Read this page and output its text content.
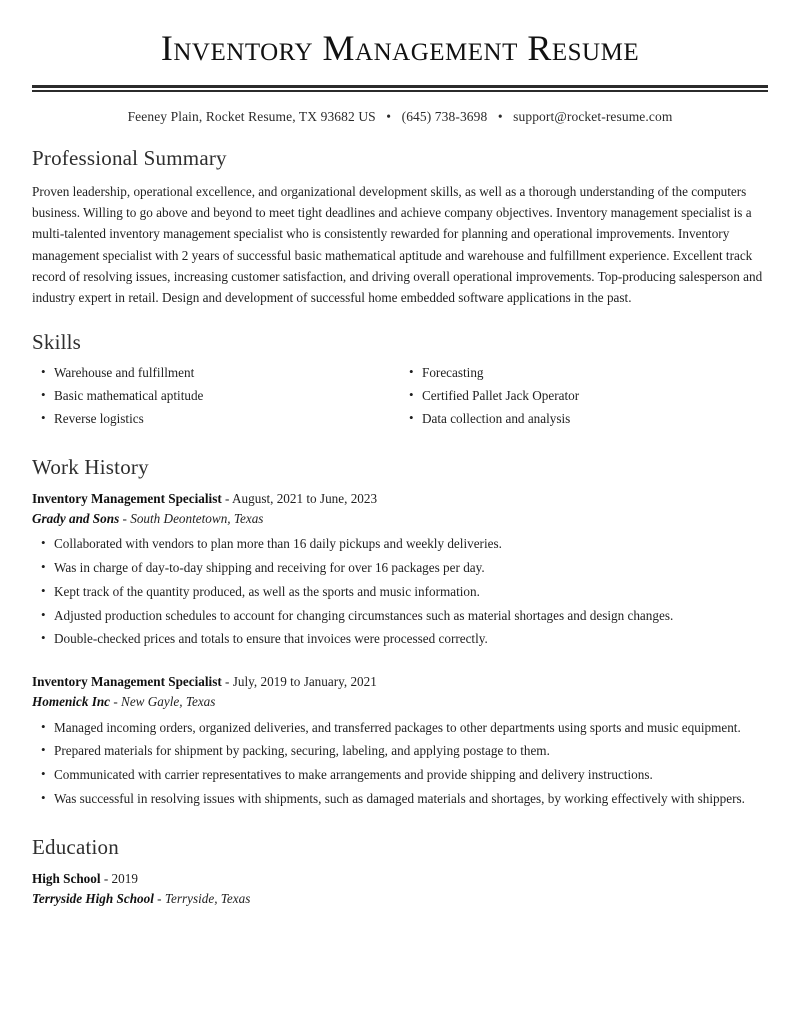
Inventory Management Resume
Feeney Plain, Rocket Resume, TX 93682 US • (645) 738-3698 • support@rocket-resume.com
Professional Summary

Proven leadership, operational excellence, and organizational development skills, as well as a thorough understanding of the computers business. Willing to go above and beyond to meet tight deadlines and achieve company objectives. Inventory management specialist is a multi-talented inventory management specialist who is consistently rewarded for planning and operational improvements. Inventory management specialist with 2 years of successful basic mathematical aptitude and warehouse and fulfillment experience. Excellent track record of resolving issues, increasing customer satisfaction, and driving overall operational improvements. Top-producing salesperson and industry expert in retail. Design and development of successful home embedded software applications in the past.

Skills
• Warehouse and fulfillment
• Basic mathematical aptitude
• Reverse logistics
• Forecasting
• Certified Pallet Jack Operator
• Data collection and analysis
Work History
Inventory Management Specialist - August, 2021 to June, 2023
Grady and Sons - South Deontetown, Texas
• Collaborated with vendors to plan more than 16 daily pickups and weekly deliveries.
• Was in charge of day-to-day shipping and receiving for over 16 packages per day.
• Kept track of the quantity produced, as well as the sports and music information.
• Adjusted production schedules to account for changing circumstances such as material shortages and design changes.
• Double-checked prices and totals to ensure that invoices were processed correctly.
Inventory Management Specialist - July, 2019 to January, 2021
Homenick Inc - New Gayle, Texas
• Managed incoming orders, organized deliveries, and transferred packages to other departments using sports and music equipment.
• Prepared materials for shipment by packing, securing, labeling, and applying postage to them.
• Communicated with carrier representatives to make arrangements and provide shipping and delivery instructions.
• Was successful in resolving issues with shipments, such as damaged materials and shortages, by working effectively with shippers.
Education
High School - 2019
Terryside High School - Terryside, Texas
